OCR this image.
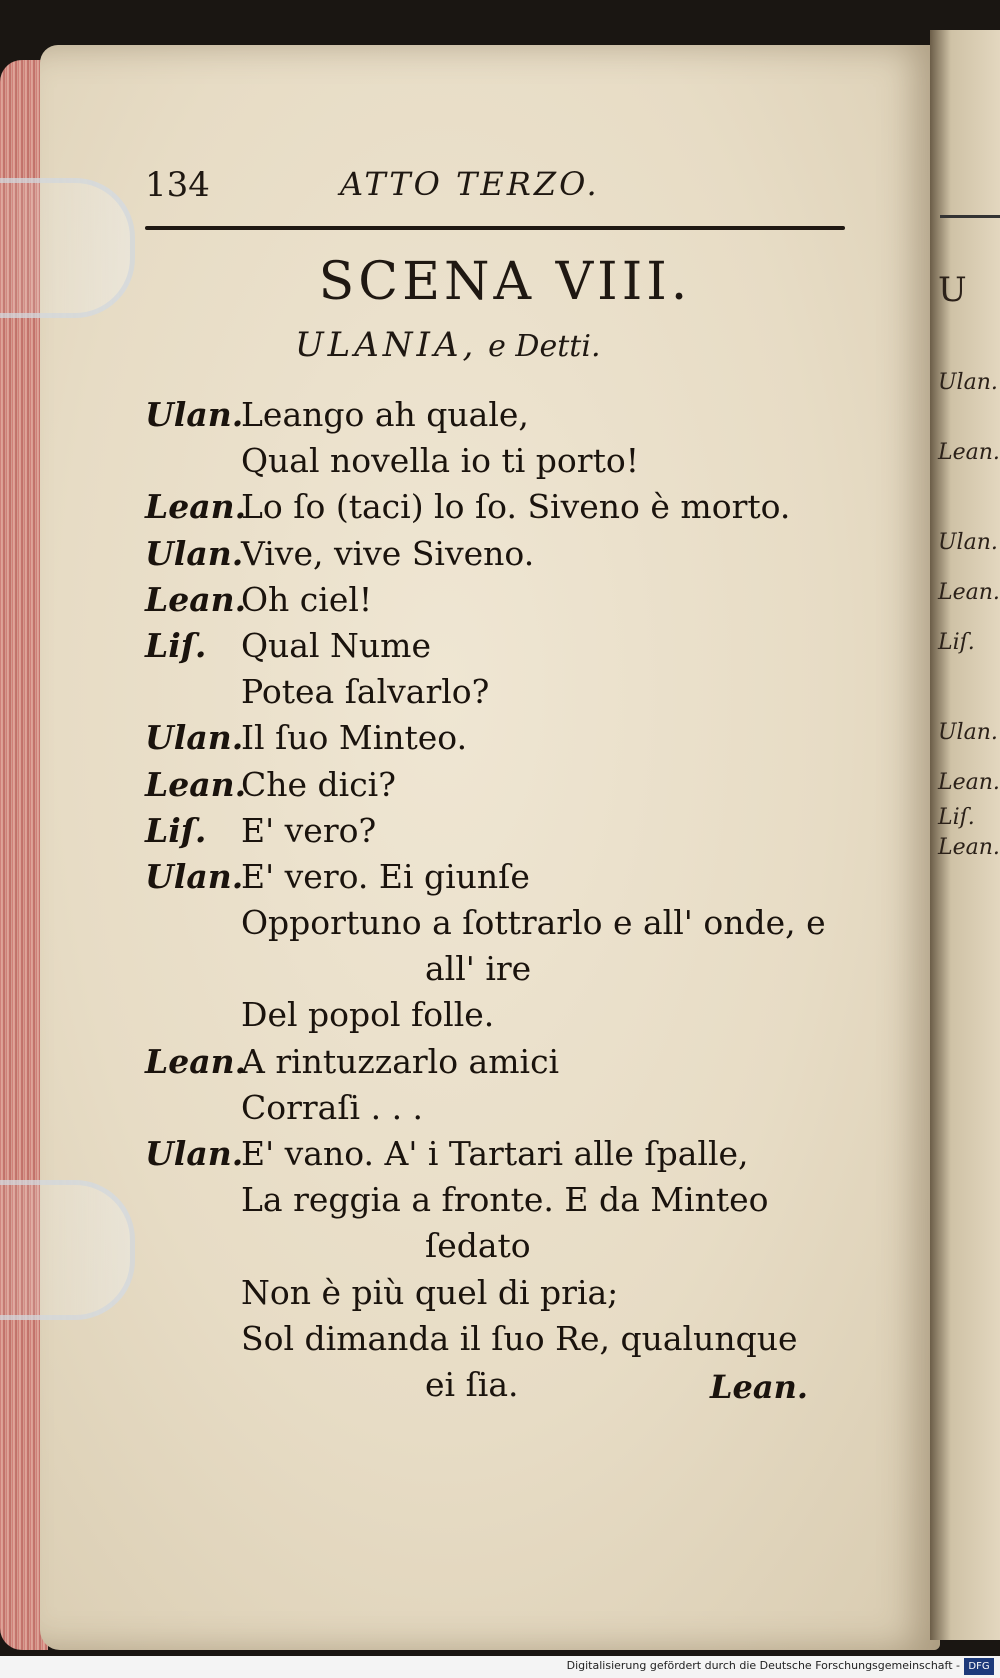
U
Ulan.
Lean.
Ulan.
Lean.
Liſ.
Ulan.
Lean.
Liſ.
Lean.
134	ATTO TERZO.
SCENA VIII.
ULANIA, e Detti.
Ulan.
Leango ah quale,
Qual novella io ti porto!
Lean.
Lo ſo (taci) lo ſo. Siveno è morto.
Ulan.
Vive, vive Siveno.
Lean.
Oh ciel!
Liſ. Qual Nume
Potea ſalvarlo?
Ulan.
Il ſuo Minteo.
Lean.
Che dici?
Liſ. E' vero?
Ulan.
E' vero. Ei giunſe
Opportuno a ſottrarlo e all' onde, e
all' ire
Del popol folle.
Lean.
A rintuzzarlo amici
Corraſi . . .
Ulan.
E' vano. A' i Tartari alle ſpalle,
La reggia a fronte. E da Minteo
ſedato
Non è più quel di pria;
Sol dimanda il ſuo Re, qualunque
ei ſia.	Lean.
Digitalisierung gefördert durch die Deutsche Forschungsgemeinschaft - DFG
